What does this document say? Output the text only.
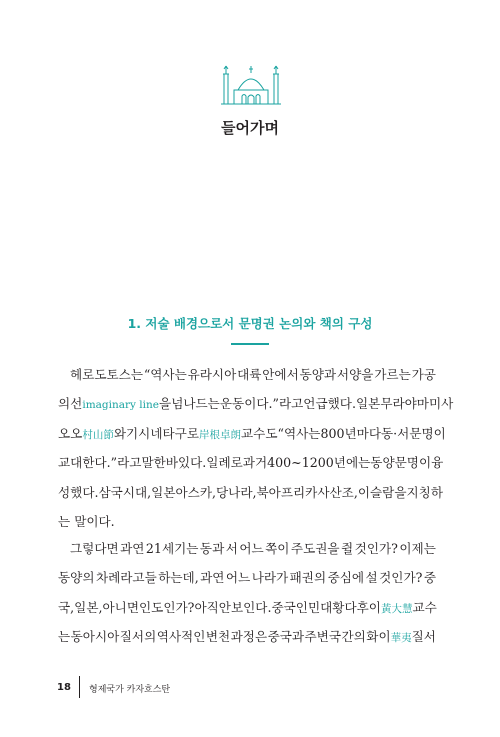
들어가며
1. 저술 배경으로서 문명권 논의와 책의 구성
헤로도토스는 “역사는 유라시아 대륙 안에서 동양과 서양을 가르는 가공
의 선imaginary line을 넘나드는 운동이다.”라고 언급했다. 일본 무라야마 미사
오오村山節와 기시네 타구로岸根卓朗 교수도 “역사는 800년마다 동·서 문명이
교대한다.”라고 말한 바 있다. 일례로 과거 400~1200년에는 동양 문명이 융
성했다. 삼국시대, 일본 아스카, 당나라, 북아프리카 사산조, 이슬람을 지칭하
는
말이다.
그렇다면 과연 21세기는 동과 서 어느 쪽이 주도권을 쥘 것인가? 이제는
동양의 차례라고들 하는데, 과연 어느 나라가 패권의 중심에 설 것인가? 중
국, 일본, 아니면 인도인가? 아직 안 보인다. 중국 인민대 황다후이黃大慧 교수
는 동아시아 질서의 역사적인 변천 과정은 중국과 주변국 간의 화이華夷질서
18 형제국가 카자흐스탄
